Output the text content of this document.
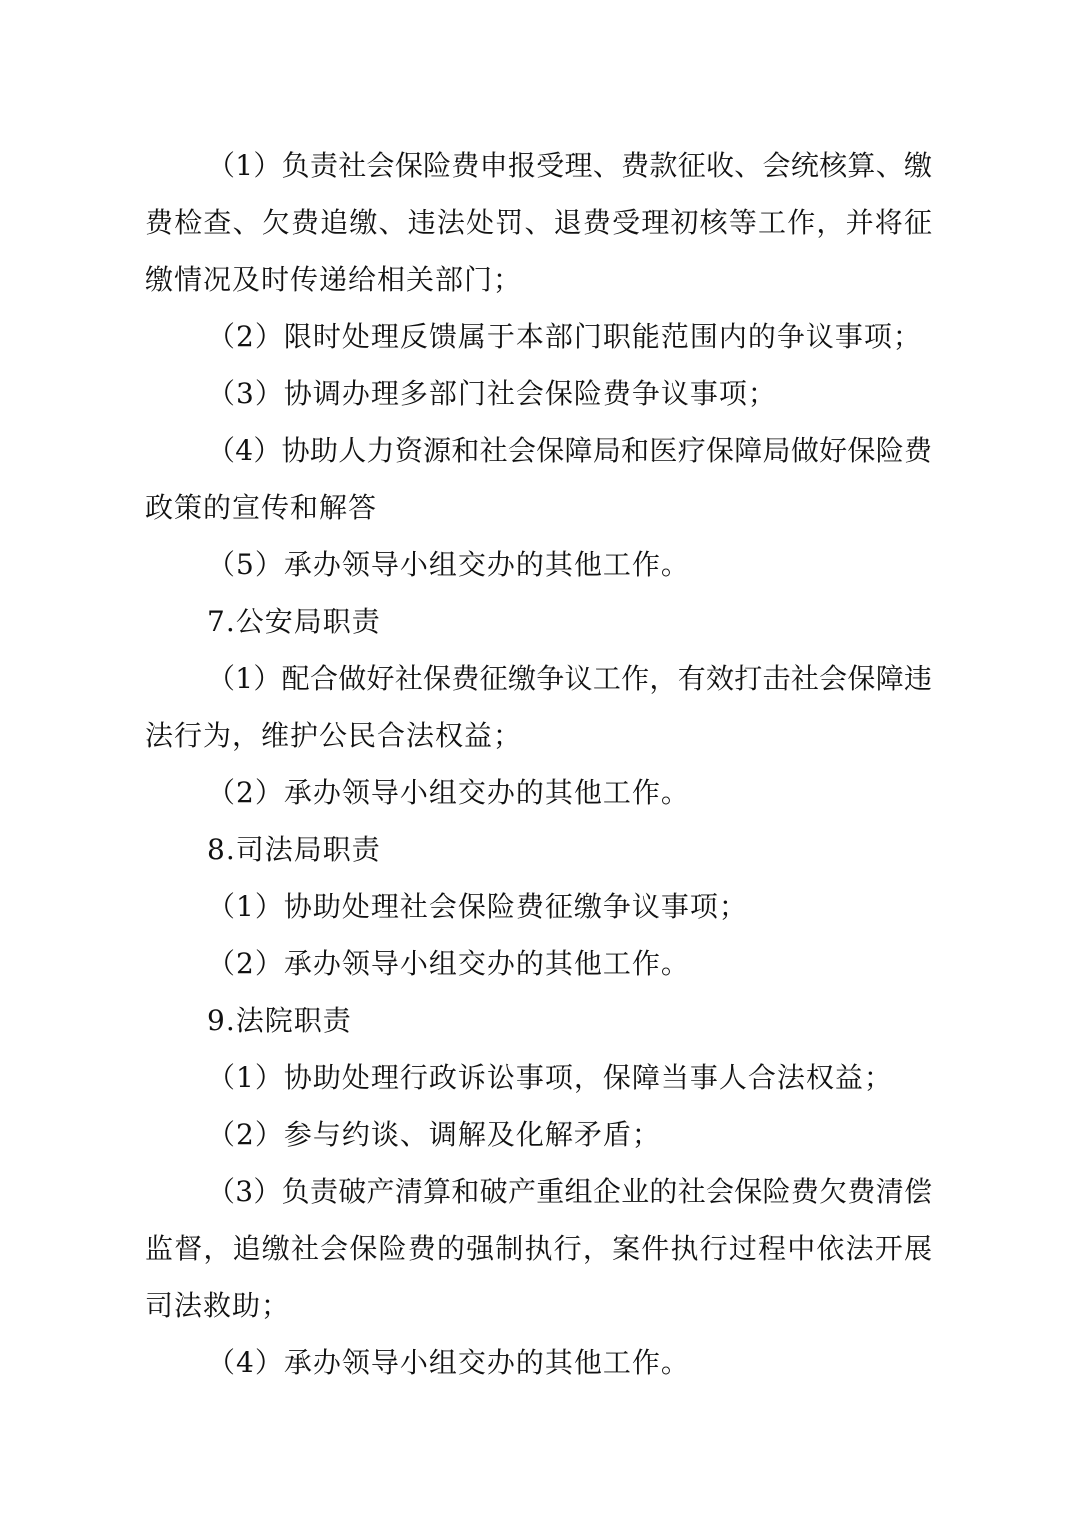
（1）负责社会保险费申报受理、费款征收、会统核算、缴
费检查、欠费追缴、违法处罚、退费受理初核等工作，并将征
缴情况及时传递给相关部门；
（2）限时处理反馈属于本部门职能范围内的争议事项；
（3）协调办理多部门社会保险费争议事项；
（4）协助人力资源和社会保障局和医疗保障局做好保险费
政策的宣传和解答
（5）承办领导小组交办的其他工作。
7.公安局职责
（1）配合做好社保费征缴争议工作，有效打击社会保障违
法行为，维护公民合法权益；
（2）承办领导小组交办的其他工作。
8.司法局职责
（1）协助处理社会保险费征缴争议事项；
（2）承办领导小组交办的其他工作。
9.法院职责
（1）协助处理行政诉讼事项，保障当事人合法权益；
（2）参与约谈、调解及化解矛盾；
（3）负责破产清算和破产重组企业的社会保险费欠费清偿
监督，追缴社会保险费的强制执行，案件执行过程中依法开展
司法救助；
（4）承办领导小组交办的其他工作。
